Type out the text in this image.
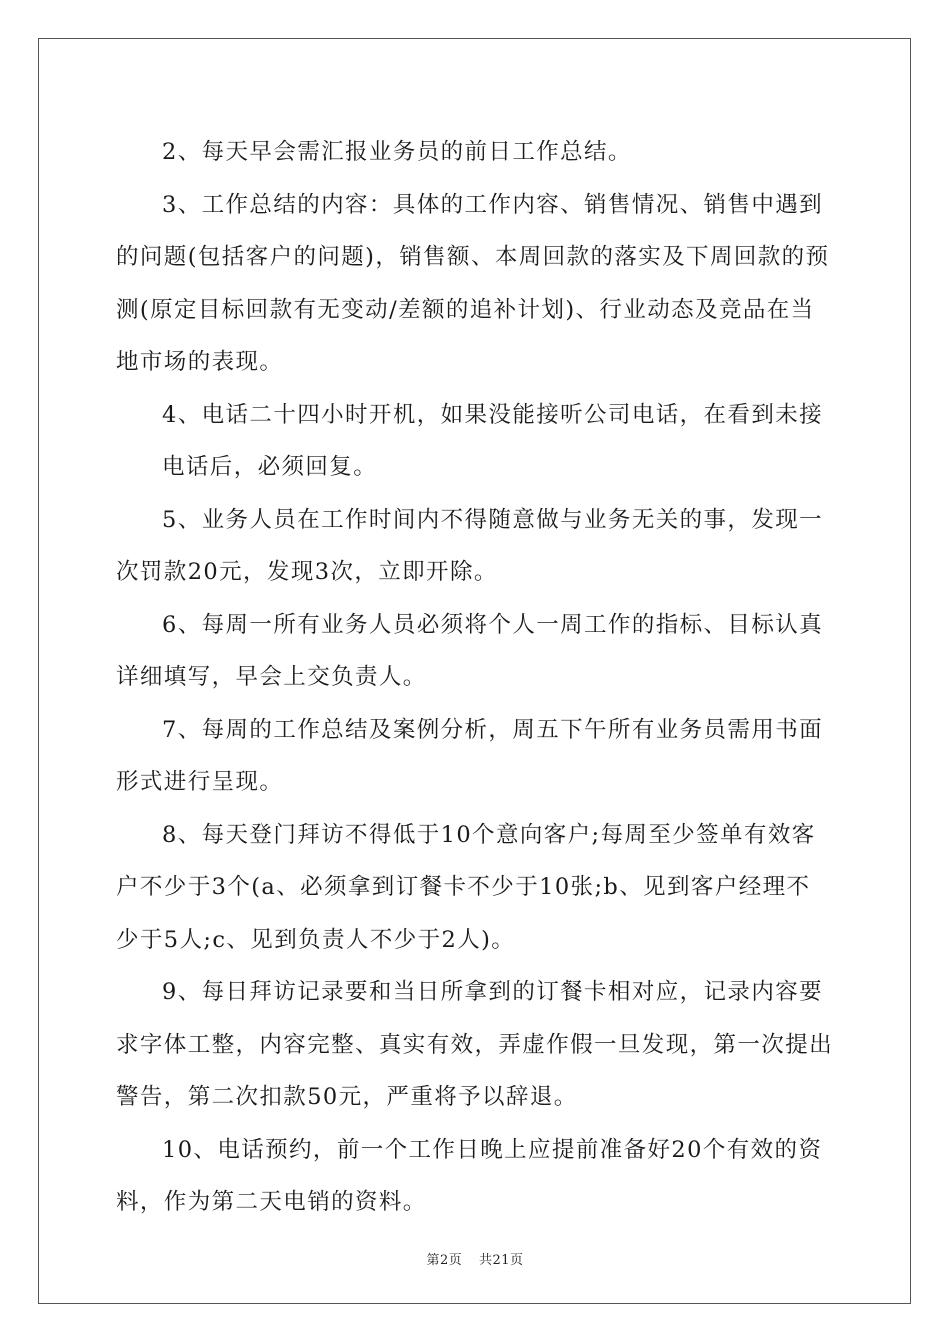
2、每天早会需汇报业务员的前日工作总结。
3、工作总结的内容：具体的工作内容、销售情况、销售中遇到
的问题(包括客户的问题)，销售额、本周回款的落实及下周回款的预
测(原定目标回款有无变动/差额的追补计划)、行业动态及竞品在当
地市场的表现。
4、电话二十四小时开机，如果没能接听公司电话，在看到未接
电话后，必须回复。
5、业务人员在工作时间内不得随意做与业务无关的事，发现一
次罚款20元，发现3次，立即开除。
6、每周一所有业务人员必须将个人一周工作的指标、目标认真
详细填写，早会上交负责人。
7、每周的工作总结及案例分析，周五下午所有业务员需用书面
形式进行呈现。
8、每天登门拜访不得低于10个意向客户;每周至少签单有效客
户不少于3个(a、必须拿到订餐卡不少于10张;b、见到客户经理不
少于5人;c、见到负责人不少于2人)。
9、每日拜访记录要和当日所拿到的订餐卡相对应，记录内容要
求字体工整，内容完整、真实有效，弄虚作假一旦发现，第一次提出
警告，第二次扣款50元，严重将予以辞退。
10、电话预约，前一个工作日晚上应提前准备好20个有效的资
料，作为第二天电销的资料。

第2页 共21页
